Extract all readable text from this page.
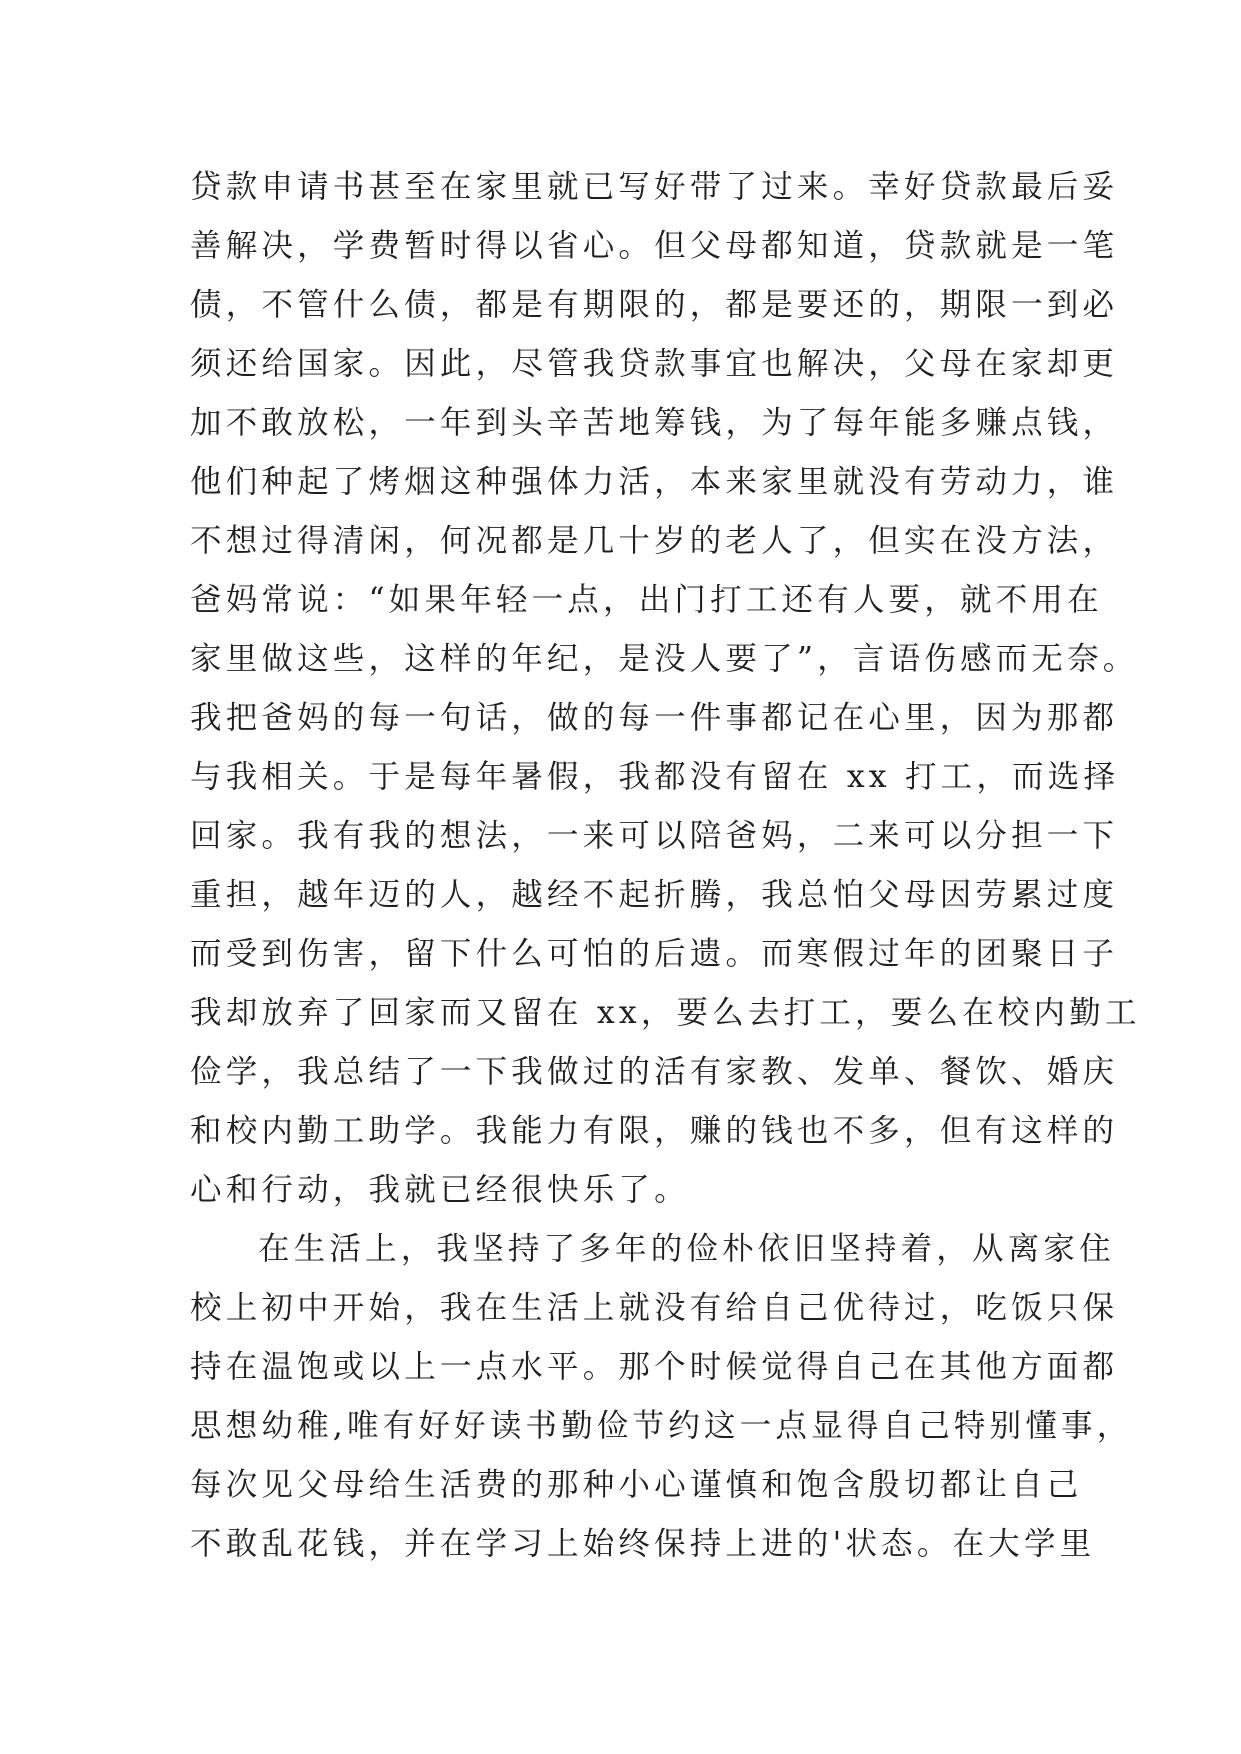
贷款申请书甚至在家里就已写好带了过来。幸好贷款最后妥
善解决，学费暂时得以省心。但父母都知道，贷款就是一笔
债，不管什么债，都是有期限的，都是要还的，期限一到必
须还给国家。因此，尽管我贷款事宜也解决，父母在家却更
加不敢放松，一年到头辛苦地筹钱，为了每年能多赚点钱，
他们种起了烤烟这种强体力活，本来家里就没有劳动力，谁
不想过得清闲，何况都是几十岁的老人了，但实在没方法，
爸妈常说：“如果年轻一点，出门打工还有人要，就不用在
家里做这些，这样的年纪，是没人要了”，言语伤感而无奈。
我把爸妈的每一句话，做的每一件事都记在心里，因为那都
与我相关。于是每年暑假，我都没有留在 xx 打工，而选择
回家。我有我的想法，一来可以陪爸妈，二来可以分担一下
重担，越年迈的人，越经不起折腾，我总怕父母因劳累过度
而受到伤害，留下什么可怕的后遗。而寒假过年的团聚日子
我却放弃了回家而又留在 xx，要么去打工，要么在校内勤工
俭学，我总结了一下我做过的活有家教、发单、餐饮、婚庆
和校内勤工助学。我能力有限，赚的钱也不多，但有这样的
心和行动，我就已经很快乐了。
在生活上，我坚持了多年的俭朴依旧坚持着，从离家住
校上初中开始，我在生活上就没有给自己优待过，吃饭只保
持在温饱或以上一点水平。那个时候觉得自己在其他方面都
思想幼稚,唯有好好读书勤俭节约这一点显得自己特别懂事，
每次见父母给生活费的那种小心谨慎和饱含殷切都让自己
不敢乱花钱，并在学习上始终保持上进的'状态。在大学里
